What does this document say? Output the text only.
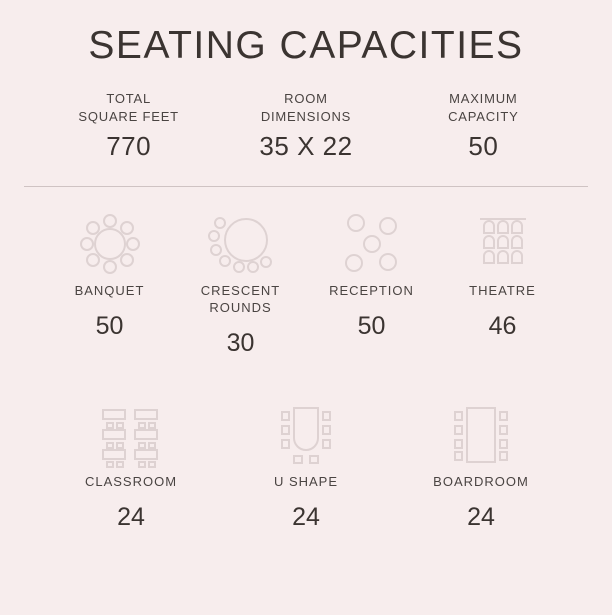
SEATING CAPACITIES
TOTAL
SQUARE FEET
770
ROOM
DIMENSIONS
35 X 22
MAXIMUM
CAPACITY
50
BANQUET
50
CRESCENT
ROUNDS
30
RECEPTION
50
THEATRE
46
CLASSROOM
24
U SHAPE
24
BOARDROOM
24
